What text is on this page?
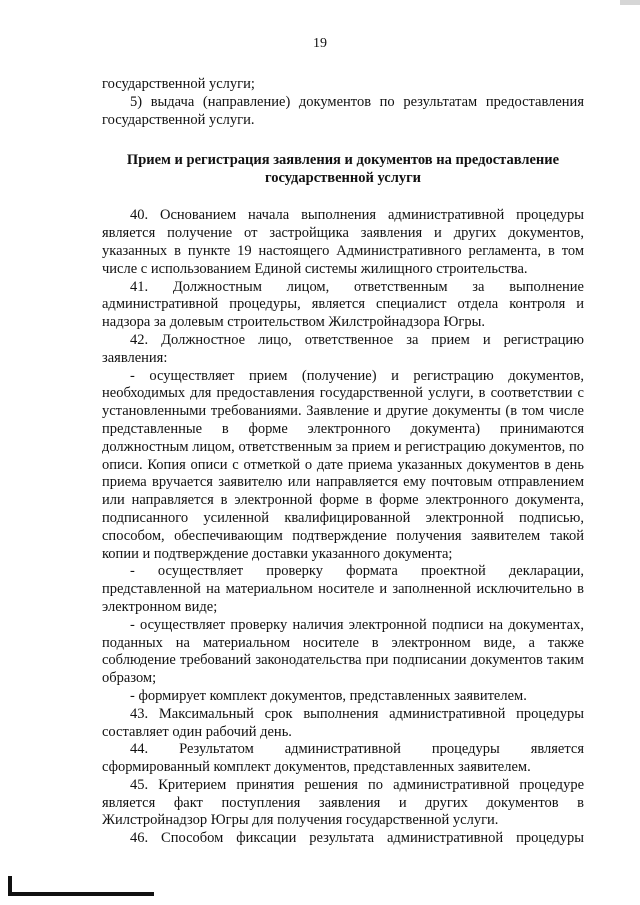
19

государственной услуги;

5) выдача (направление) документов по результатам предоставления государственной услуги.

Прием и регистрация заявления и документов на предоставление государственной услуги

40. Основанием начала выполнения административной процедуры является получение от застройщика заявления и других документов, указанных в пункте 19 настоящего Административного регламента, в том числе с использованием Единой системы жилищного строительства.

41. Должностным лицом, ответственным за выполнение административной процедуры, является специалист отдела контроля и надзора за долевым строительством Жилстройнадзора Югры.

42. Должностное лицо, ответственное за прием и регистрацию заявления:

- осуществляет прием (получение) и регистрацию документов, необходимых для предоставления государственной услуги, в соответствии с установленными требованиями. Заявление и другие документы (в том числе представленные в форме электронного документа) принимаются должностным лицом, ответственным за прием и регистрацию документов, по описи. Копия описи с отметкой о дате приема указанных документов в день приема вручается заявителю или направляется ему почтовым отправлением или направляется в электронной форме в форме электронного документа, подписанного усиленной квалифицированной электронной подписью, способом, обеспечивающим подтверждение получения заявителем такой копии и подтверждение доставки указанного документа;

- осуществляет проверку формата проектной декларации, представленной на материальном носителе и заполненной исключительно в электронном виде;

- осуществляет проверку наличия электронной подписи на документах, поданных на материальном носителе в электронном виде, а также соблюдение требований законодательства при подписании документов таким образом;

- формирует комплект документов, представленных заявителем.

43. Максимальный срок выполнения административной процедуры составляет один рабочий день.

44. Результатом административной процедуры является сформированный комплект документов, представленных заявителем.

45. Критерием принятия решения по административной процедуре является факт поступления заявления и других документов в Жилстройнадзор Югры для получения государственной услуги.

46. Способом фиксации результата административной процедуры
